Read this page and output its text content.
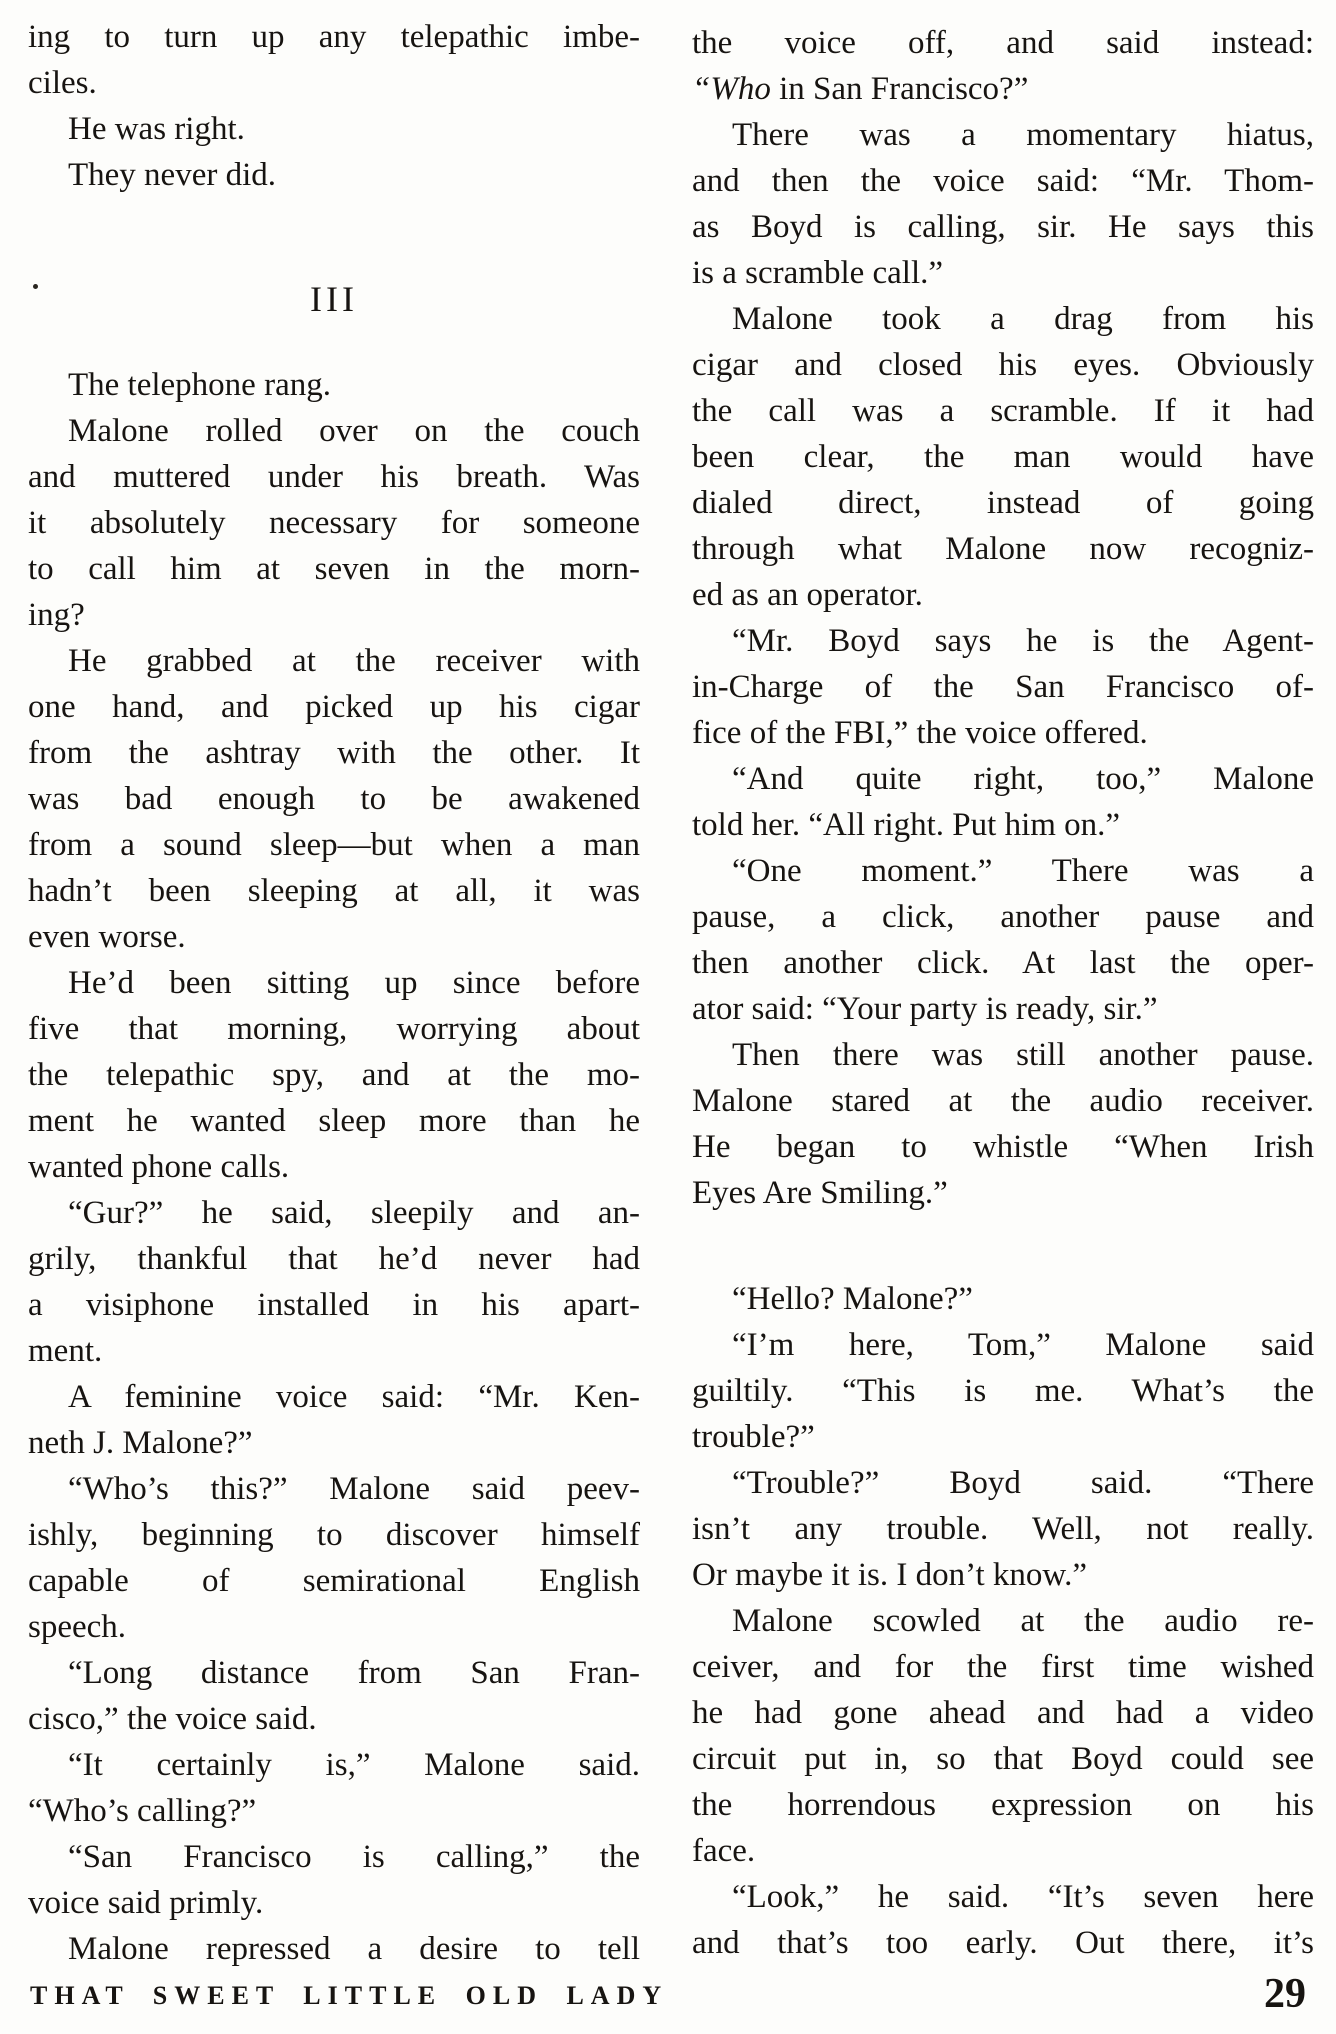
ing to turn up any telepathic imbe-
ciles.
He was right.
They never did.
III
The telephone rang.
Malone rolled over on the couch
and muttered under his breath. Was
it absolutely necessary for someone
to call him at seven in the morn-
ing?
He grabbed at the receiver with
one hand, and picked up his cigar
from the ashtray with the other. It
was bad enough to be awakened
from a sound sleep—but when a man
hadn’t been sleeping at all, it was
even worse.
He’d been sitting up since before
five that morning, worrying about
the telepathic spy, and at the mo-
ment he wanted sleep more than he
wanted phone calls.
“Gur?” he said, sleepily and an-
grily, thankful that he’d never had
a visiphone installed in his apart-
ment.
A feminine voice said: “Mr. Ken-
neth J. Malone?”
“Who’s this?” Malone said peev-
ishly, beginning to discover himself
capable of semirational English
speech.
“Long distance from San Fran-
cisco,” the voice said.
“It certainly is,” Malone said.
“Who’s calling?”
“San Francisco is calling,” the
voice said primly.
Malone repressed a desire to tell
the voice off, and said instead:
“Who in San Francisco?”
There was a momentary hiatus,
and then the voice said: “Mr. Thom-
as Boyd is calling, sir. He says this
is a scramble call.”
Malone took a drag from his
cigar and closed his eyes. Obviously
the call was a scramble. If it had
been clear, the man would have
dialed direct, instead of going
through what Malone now recogniz-
ed as an operator.
“Mr. Boyd says he is the Agent-
in-Charge of the San Francisco of-
fice of the FBI,” the voice offered.
“And quite right, too,” Malone
told her. “All right. Put him on.”
“One moment.” There was a
pause, a click, another pause and
then another click. At last the oper-
ator said: “Your party is ready, sir.”
Then there was still another pause.
Malone stared at the audio receiver.
He began to whistle “When Irish
Eyes Are Smiling.”
“Hello? Malone?”
“I’m here, Tom,” Malone said
guiltily. “This is me. What’s the
trouble?”
“Trouble?” Boyd said. “There
isn’t any trouble. Well, not really.
Or maybe it is. I don’t know.”
Malone scowled at the audio re-
ceiver, and for the first time wished
he had gone ahead and had a video
circuit put in, so that Boyd could see
the horrendous expression on his
face.
“Look,” he said. “It’s seven here
and that’s too early. Out there, it’s
THAT SWEET LITTLE OLD LADY	29
